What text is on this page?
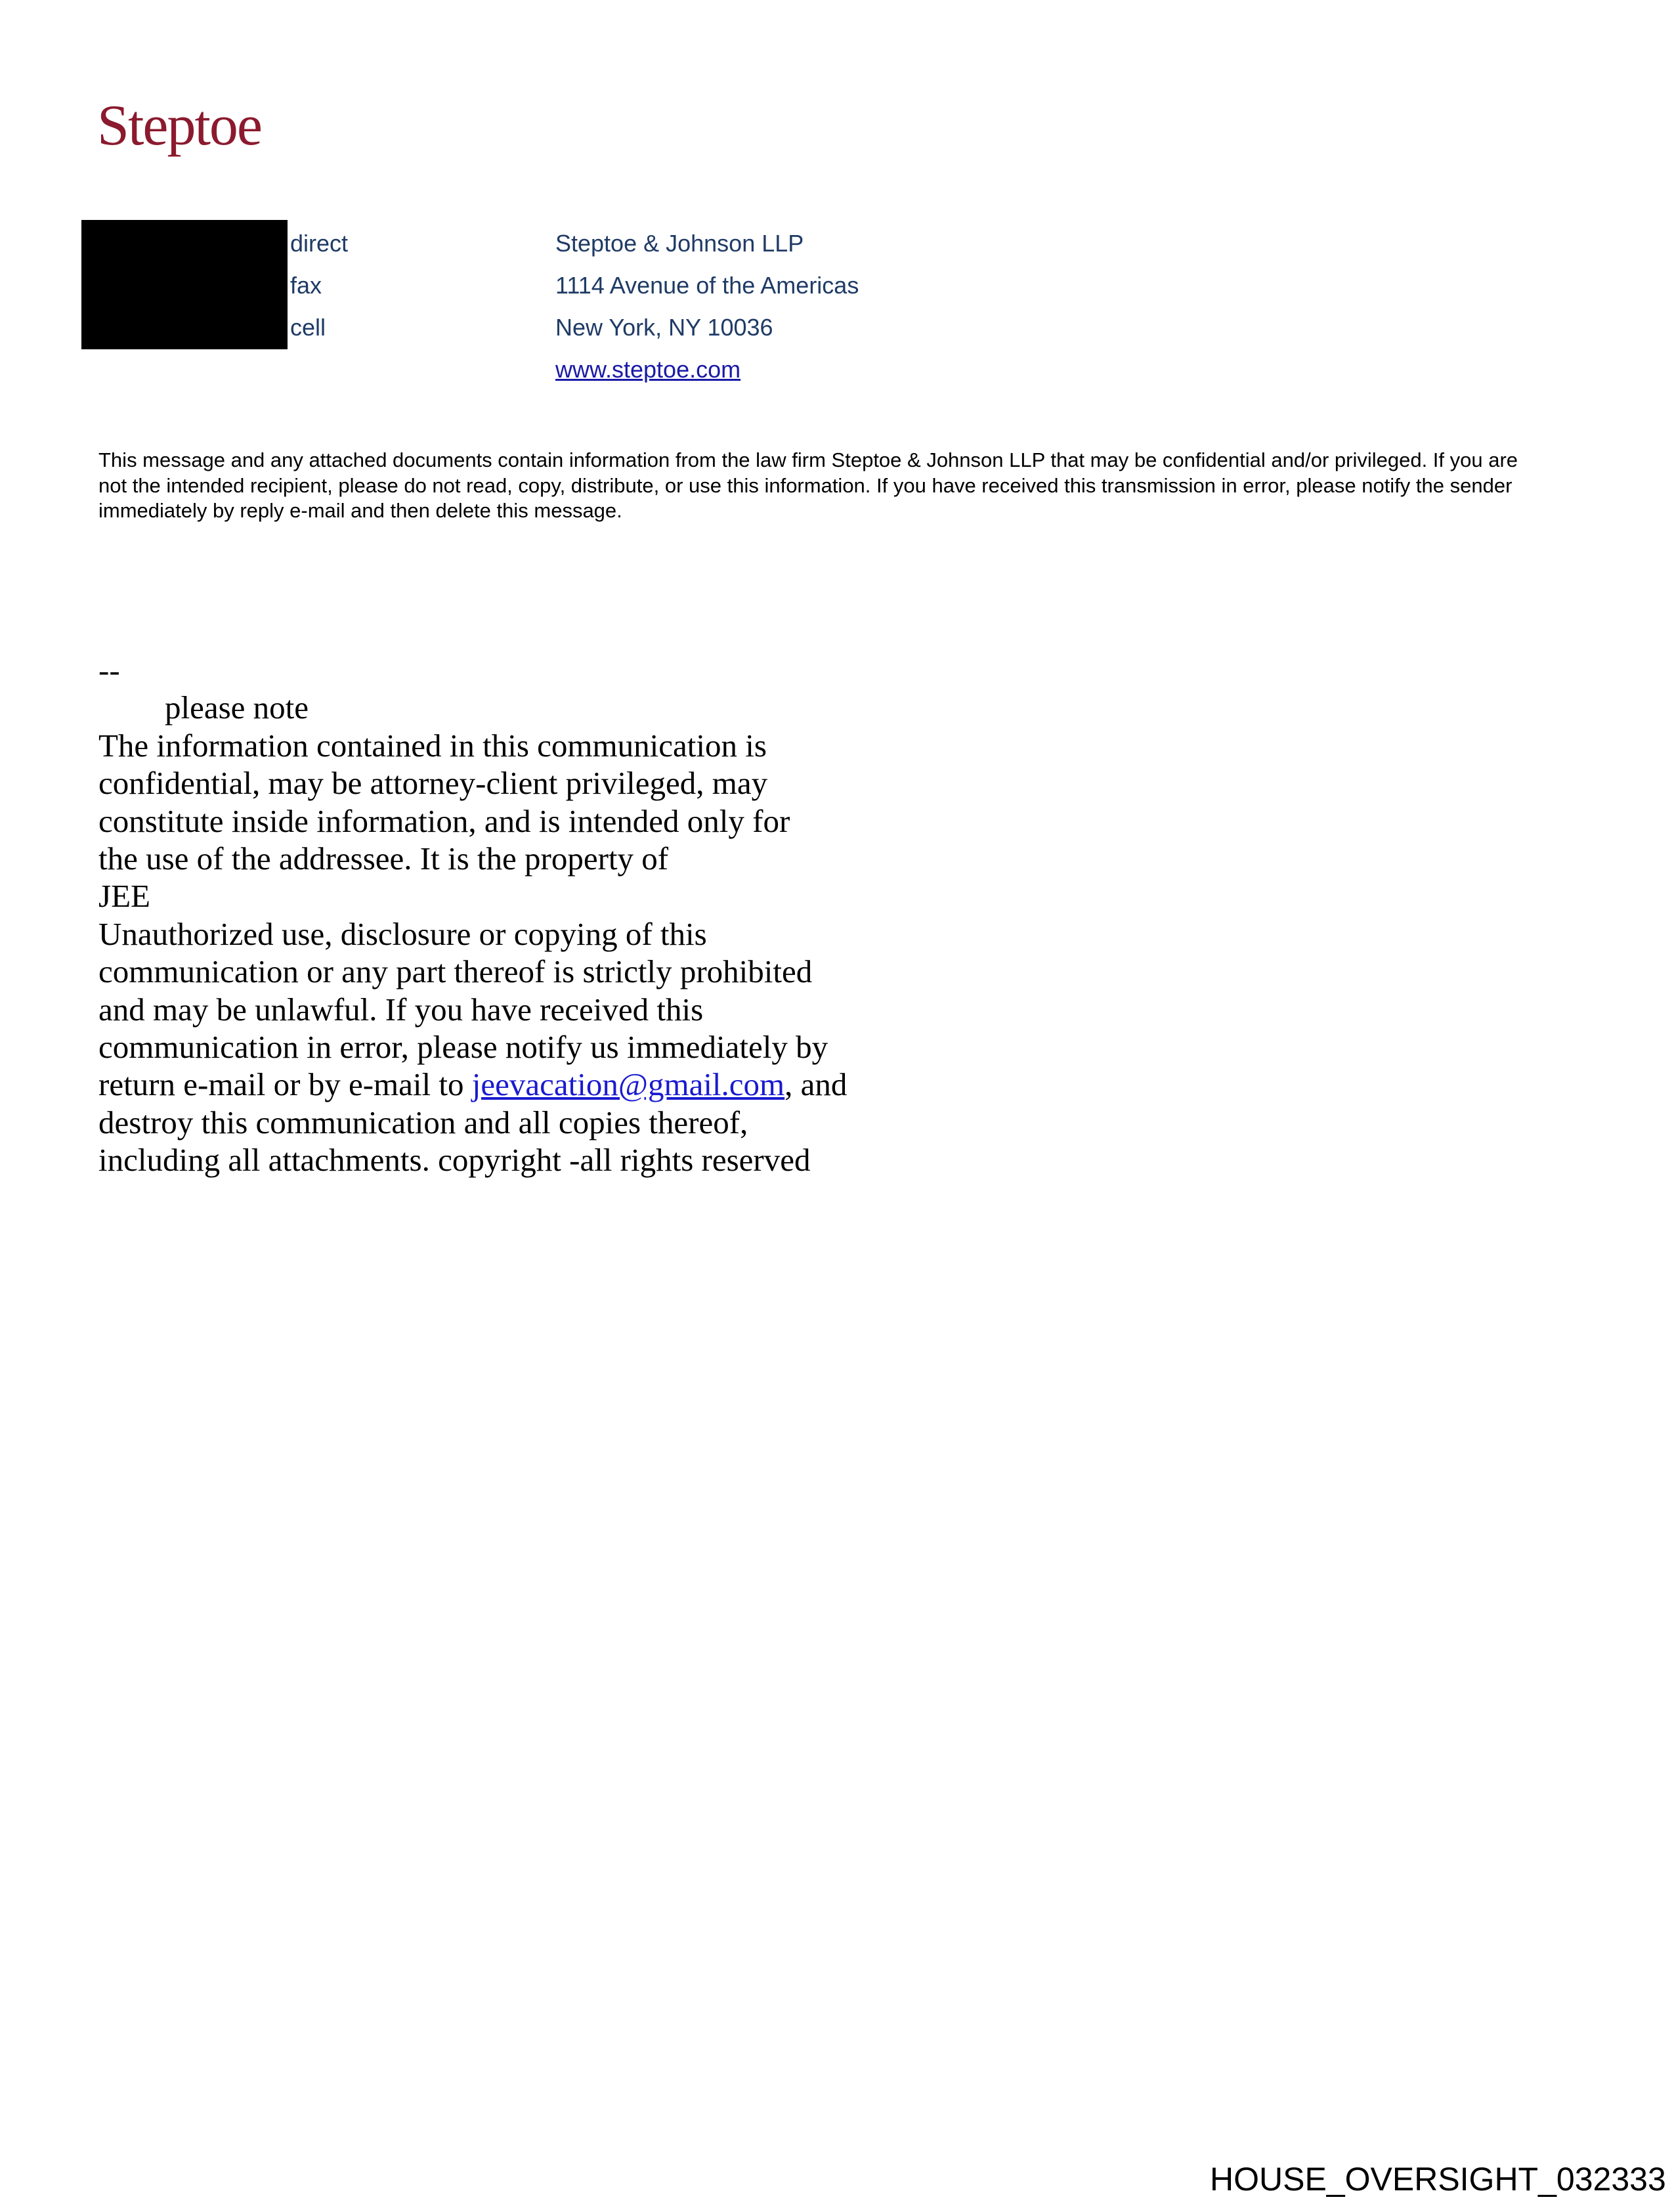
Steptoe
direct
fax
cell
Steptoe & Johnson LLP
1114 Avenue of the Americas
New York, NY 10036
www.steptoe.com
This message and any attached documents contain information from the law firm Steptoe & Johnson LLP that may be confidential and/or privileged. If you are not the intended recipient, please do not read, copy, distribute, or use this information. If you have received this transmission in error, please notify the sender immediately by reply e-mail and then delete this message.
--
please note
The information contained in this communication is
confidential, may be attorney-client privileged, may
constitute inside information, and is intended only for
the use of the addressee. It is the property of
JEE
Unauthorized use, disclosure or copying of this
communication or any part thereof is strictly prohibited
and may be unlawful. If you have received this
communication in error, please notify us immediately by
return e-mail or by e-mail to jeevacation@gmail.com, and
destroy this communication and all copies thereof,
including all attachments. copyright -all rights reserved
HOUSE_OVERSIGHT_032333
